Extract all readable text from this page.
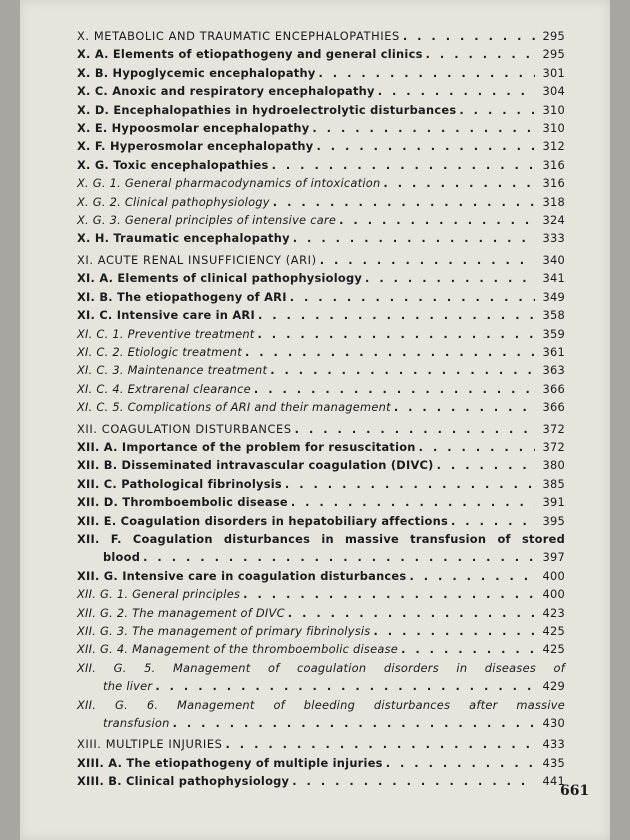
X. METABOLIC AND TRAUMATIC ENCEPHALOPATHIES . . .	295
X. A. Elements of etiopathogeny and general clinics . . .	295
X. B. Hypoglycemic encephalopathy . . .	301
X. C. Anoxic and respiratory encephalopathy . . .	304
X. D. Encephalopathies in hydroelectrolytic disturbances . . .	310
X. E. Hypoosmolar encephalopathy . . .	310
X. F. Hyperosmolar encephalopathy . . .	312
X. G. Toxic encephalopathies . . .	316
X. G. 1. General pharmacodynamics of intoxication . . .	316
X. G. 2. Clinical pathophysiology . . .	318
X. G. 3. General principles of intensive care . . .	324
X. H. Traumatic encephalopathy . . .	333
XI. ACUTE RENAL INSUFFICIENCY (ARI) . . .	340
XI. A. Elements of clinical pathophysiology . . .	341
XI. B. The etiopathogeny of ARI . . .	349
XI. C. Intensive care in ARI . . .	358
XI. C. 1. Preventive treatment . . .	359
XI. C. 2. Etiologic treatment . . .	361
XI. C. 3. Maintenance treatment . . .	363
XI. C. 4. Extrarenal clearance . . .	366
XI. C. 5. Complications of ARI and their management . . .	366
XII. COAGULATION DISTURBANCES . . .	372
XII. A. Importance of the problem for resuscitation . . .	372
XII. B. Disseminated intravascular coagulation (DIVC) . . .	380
XII. C. Pathological fibrinolysis . . .	385
XII. D. Thromboembolic disease . . .	391
XII. E. Coagulation disorders in hepatobiliary affections . . .	395
XII. F. Coagulation disturbances in massive transfusion of stored
blood . . .	397
XII. G. Intensive care in coagulation disturbances . . .	400
XII. G. 1. General principles . . .	400
XII. G. 2. The management of DIVC . . .	423
XII. G. 3. The management of primary fibrinolysis . . .	425
XII. G. 4. Management of the thromboembolic disease . . .	425
XII. G. 5. Management of coagulation disorders in diseases of
the liver . . .	429
XII. G. 6. Management of bleeding disturbances after massive
transfusion . . .	430
XIII. MULTIPLE INJURIES . . .	433
XIII. A. The etiopathogeny of multiple injuries . . .	435
XIII. B. Clinical pathophysiology . . .	441
661
